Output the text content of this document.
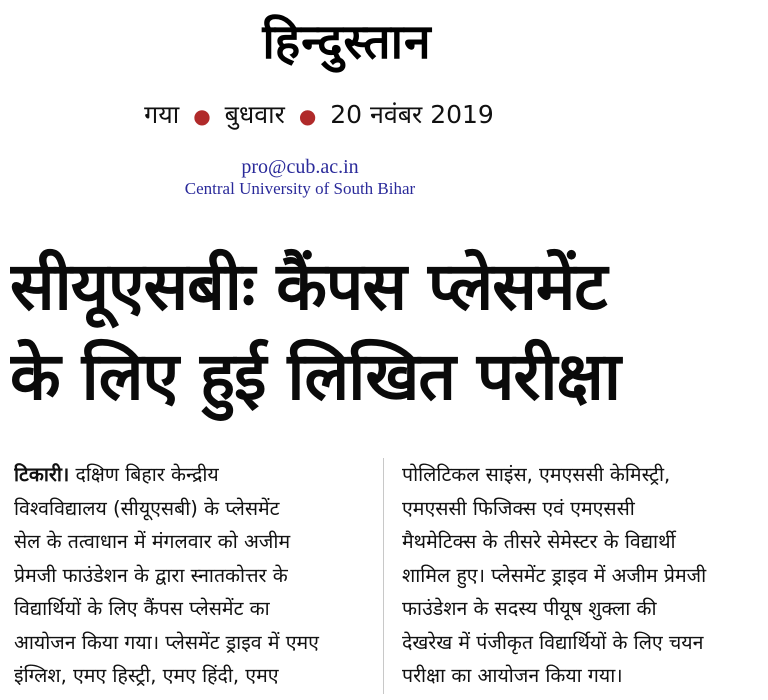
हिन्दुस्तान
गया ● बुधवार ● 20 नवंबर 2019
pro@cub.ac.in
Central University of South Bihar
सीयूएसबीः कैंपस प्लेसमेंट
के लिए हुई लिखित परीक्षा
टिकारी। दक्षिण बिहार केन्द्रीय
विश्वविद्यालय (सीयूएसबी) के प्लेसमेंट
सेल के तत्वाधान में मंगलवार को अजीम
प्रेमजी फाउंडेशन के द्वारा स्नातकोत्तर के
विद्यार्थियों के लिए कैंपस प्लेसमेंट का
आयोजन किया गया। प्लेसमेंट ड्राइव में एमए
इंग्लिश, एमए हिस्ट्री, एमए हिंदी, एमए
पोलिटिकल साइंस, एमएससी केमिस्ट्री,
एमएससी फिजिक्स एवं एमएससी
मैथमेटिक्स के तीसरे सेमेस्टर के विद्यार्थी
शामिल हुए। प्लेसमेंट ड्राइव में अजीम प्रेमजी
फाउंडेशन के सदस्य पीयूष शुक्ला की
देखरेख में पंजीकृत विद्यार्थियों के लिए चयन
परीक्षा का आयोजन किया गया।
